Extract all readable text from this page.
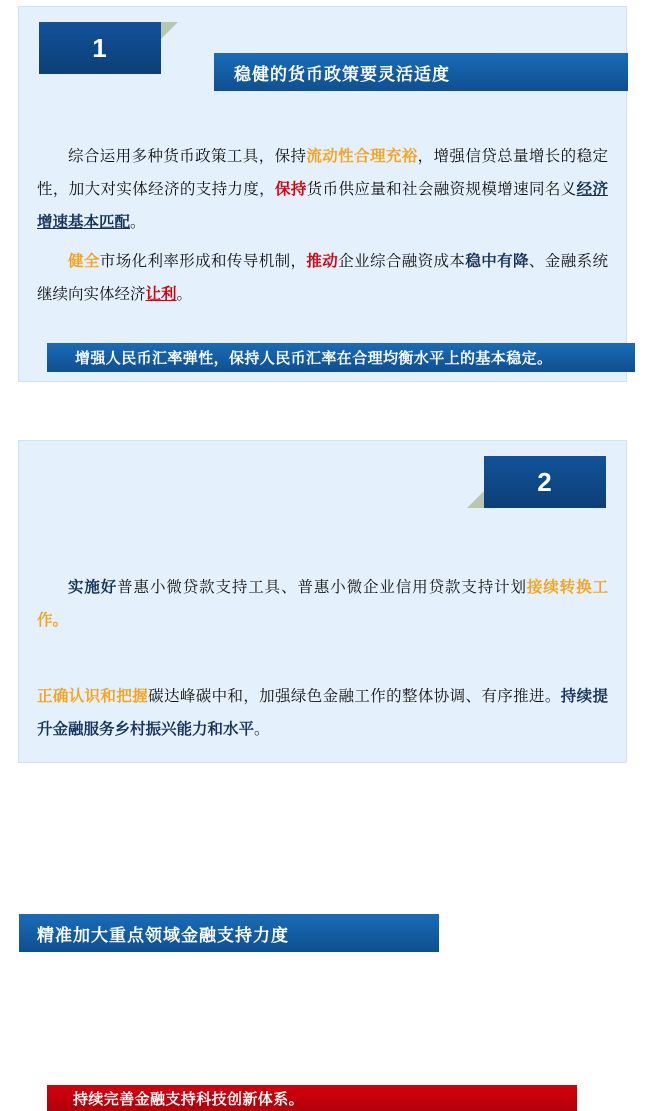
1
稳健的货币政策要灵活适度

综合运用多种货币政策工具，保持流动性合理充裕，增强信贷总量增长的稳定性，加大对实体经济的支持力度，保持货币供应量和社会融资规模增速同名义经济增速基本匹配。

健全市场化利率形成和传导机制，推动企业综合融资成本稳中有降、金融系统继续向实体经济让利。

增强人民币汇率弹性，保持人民币汇率在合理均衡水平上的基本稳定。
2
精准加大重点领域金融支持力度

实施好普惠小微贷款支持工具、普惠小微企业信用贷款支持计划接续转换工作。

持续完善金融支持科技创新体系。

正确认识和把握碳达峰碳中和，加强绿色金融工作的整体协调、有序推进。持续提升金融服务乡村振兴能力和水平。
